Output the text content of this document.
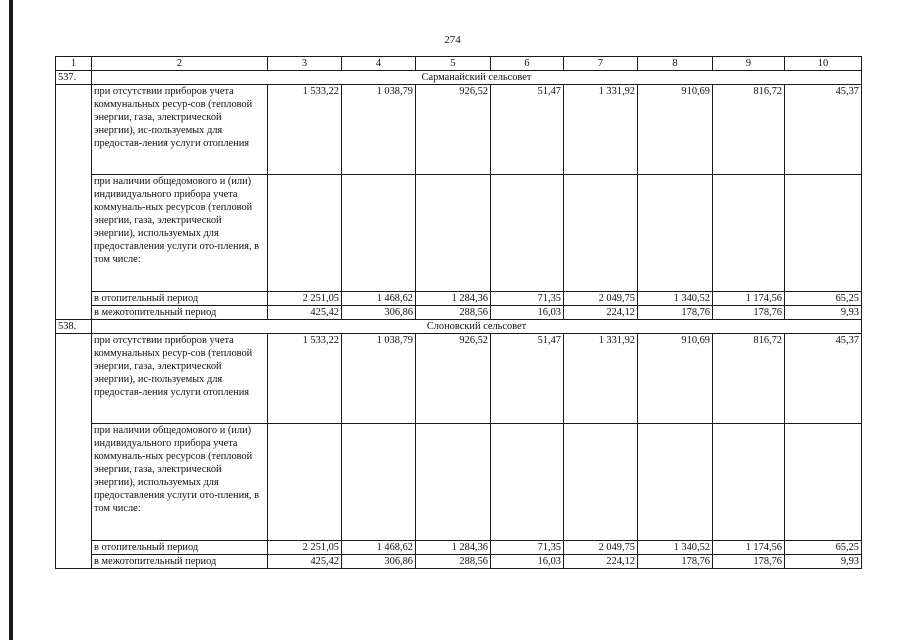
274
1	2	3	4	5	6	7	8	9	10
537.	Сарманайский сельсовет								
	при отсутствии приборов учета коммунальных ресур-сов (тепловой энергии, газа, электрической энергии), ис-пользуемых для предостав-ления услуги отопления	1 533,22	1 038,79	926,52	51,47	1 331,92	910,69	816,72	45,37
	при наличии общедомового и (или) индивидуального прибора учета коммуналь-ных ресурсов (тепловой энергии, газа, электрической энергии), используемых для предоставления услуги ото-пления, в том числе:								
	в отопительный период	2 251,05	1 468,62	1 284,36	71,35	2 049,75	1 340,52	1 174,56	65,25
	в межотопительный период	425,42	306,86	288,56	16,03	224,12	178,76	178,76	9,93
538.	Слоновский сельсовет								
	при отсутствии приборов учета коммунальных ресур-сов (тепловой энергии, газа, электрической энергии), ис-пользуемых для предостав-ления услуги отопления	1 533,22	1 038,79	926,52	51,47	1 331,92	910,69	816,72	45,37
	при наличии общедомового и (или) индивидуального прибора учета коммуналь-ных ресурсов (тепловой энергии, газа, электрической энергии), используемых для предоставления услуги ото-пления, в том числе:								
	в отопительный период	2 251,05	1 468,62	1 284,36	71,35	2 049,75	1 340,52	1 174,56	65,25
	в межотопительный период	425,42	306,86	288,56	16,03	224,12	178,76	178,76	9,93
